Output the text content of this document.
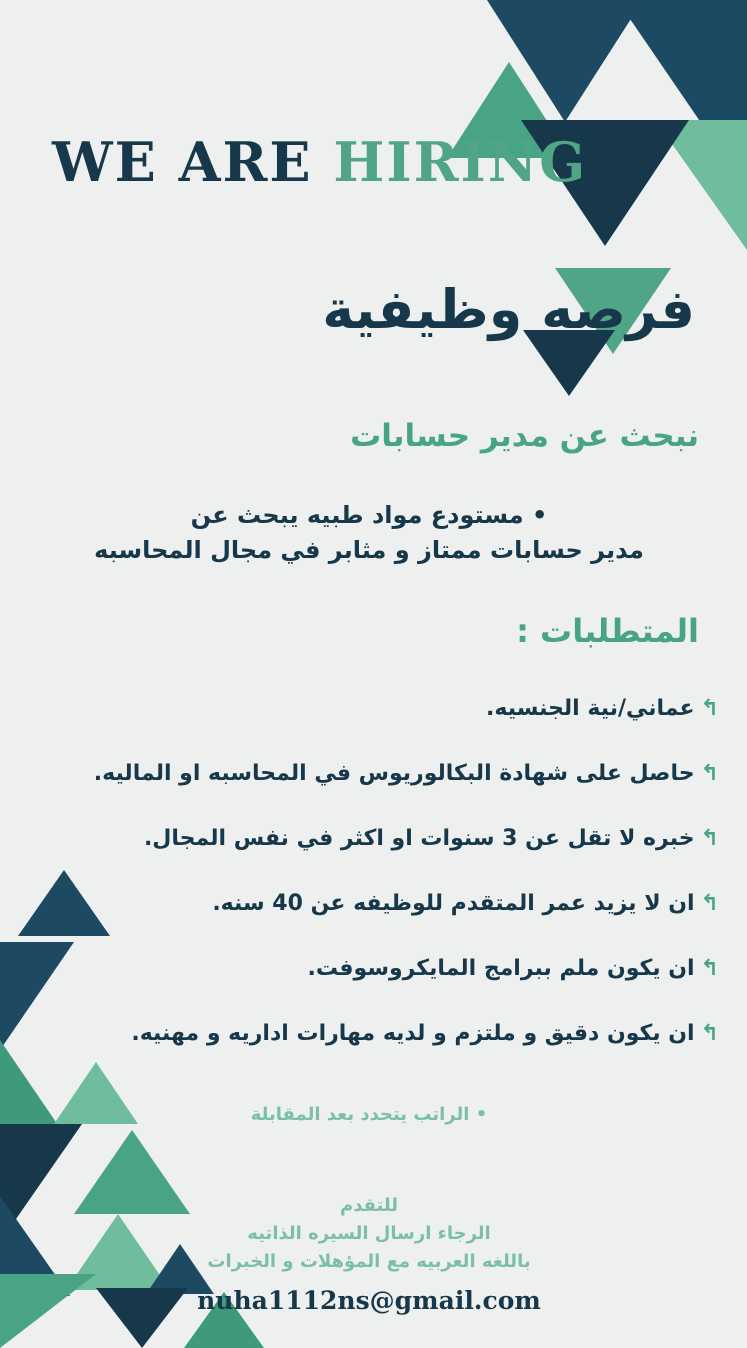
WE ARE HIRING
فرصه وظيفية
نبحث عن مدير حسابات
• مستودع مواد طبيه يبحث عن
مدير حسابات ممتاز و مثابر في مجال المحاسبه
المتطلبات :
↰
عماني/نية الجنسيه.
↰
حاصل على شهادة البكالوريوس في المحاسبه او الماليه.
↰
خبره لا تقل عن 3 سنوات او اكثر في نفس المجال.
↰
ان لا يزيد عمر المتقدم للوظيفه عن 40 سنه.
↰
ان يكون ملم ببرامج المايكروسوفت.
↰
ان يكون دقيق و ملتزم و لديه مهارات اداريه و مهنيه.
• الراتب يتحدد بعد المقابلة
للتقدم
الرجاء ارسال السيره الذاتيه
باللغه العربيه مع المؤهلات و الخبرات
nuha1112ns@gmail.com
